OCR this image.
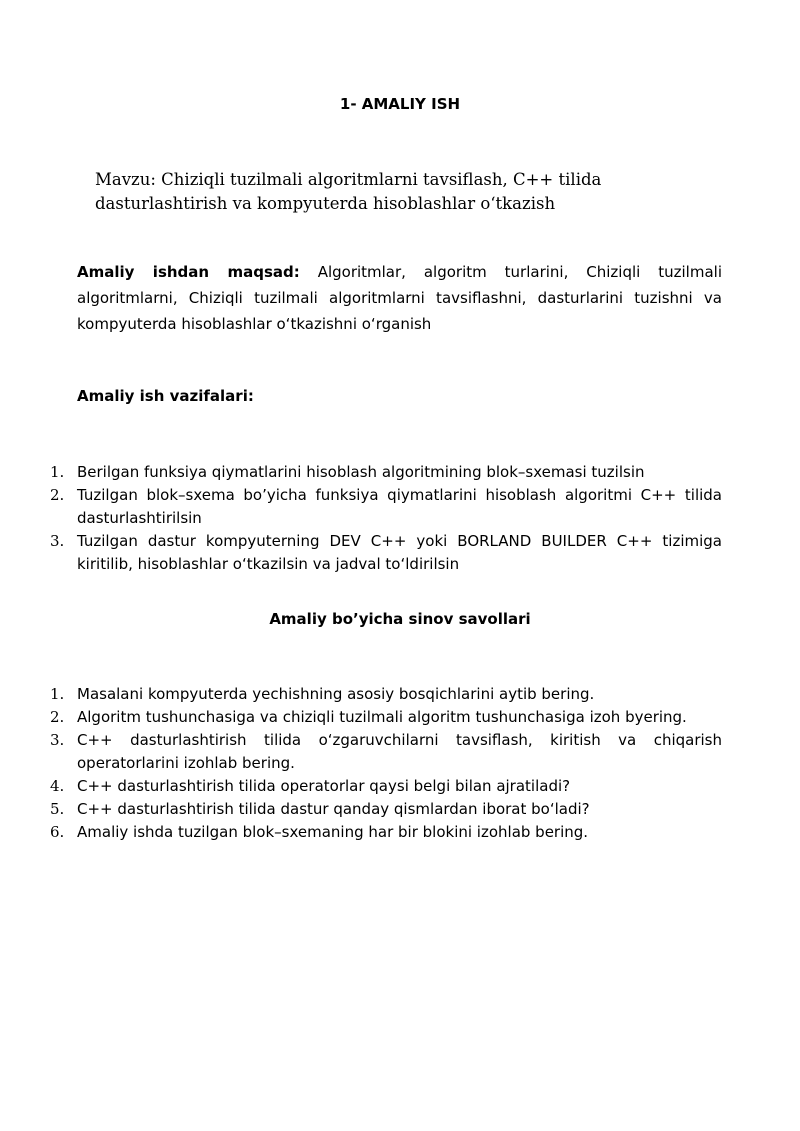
1- AMALIY ISH
Mavzu: Chiziqli tuzilmali algoritmlarni tavsiflash, C++ tilida dasturlashtirish va kompyuterda hisoblashlar o‘tkazish
Amaliy ishdan maqsad: Algoritmlar, algoritm turlarini, Chiziqli tuzilmali algoritmlarni, Chiziqli tuzilmali algoritmlarni tavsiflashni, dasturlarini tuzishni va kompyuterda hisoblashlar o‘tkazishni o‘rganish
Amaliy ish vazifalari:
1. Berilgan funksiya qiymatlarini hisoblash algoritmining blok–sxemasi tuzilsin
2. Tuzilgan blok–sxema bo’yicha funksiya qiymatlarini hisoblash algoritmi C++ tilida dasturlashtirilsin
3. Tuzilgan dastur kompyuterning DEV C++ yoki BORLAND BUILDER C++ tizimiga kiritilib, hisoblashlar o‘tkazilsin va jadval to‘ldirilsin
Amaliy bo’yicha sinov savollari
1. Masalani kompyuterda yechishning asosiy bosqichlarini aytib bering.
2. Algoritm tushunchasiga va chiziqli tuzilmali algoritm tushunchasiga izoh byering.
3. C++ dasturlashtirish tilida o‘zgaruvchilarni tavsiflash, kiritish va chiqarish operatorlarini izohlab bering.
4. C++ dasturlashtirish tilida operatorlar qaysi belgi bilan ajratiladi?
5. C++ dasturlashtirish tilida dastur qanday qismlardan iborat bo‘ladi?
6. Amaliy ishda tuzilgan blok–sxemaning har bir blokini izohlab bering.
